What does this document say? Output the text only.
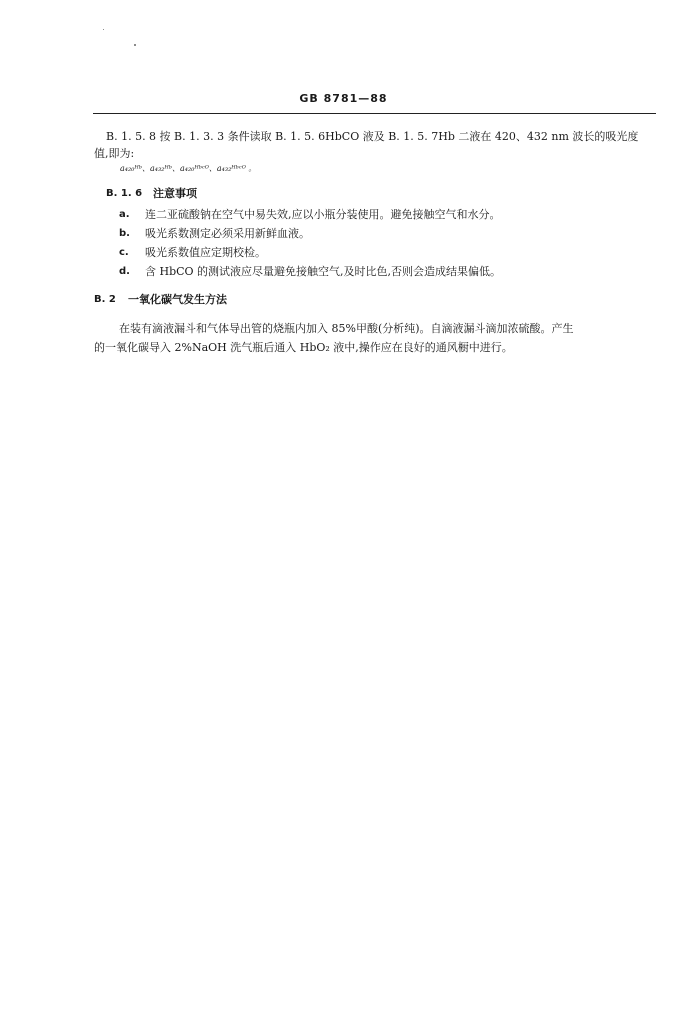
GB 8781—88
B. 1. 5. 8 按 B. 1. 3. 3 条件读取 B. 1. 5. 6HbCO 液及 B. 1. 5. 7Hb 二液在 420、432 nm 波长的吸光度
值,即为:
a₄₂₀ᴴᵇ、a₄₃₂ᴴᵇ、a₄₂₀ᴴᵇᶜᴼ、a₄₃₂ᴴᵇᶜᴼ 。
B. 1. 6 注意事项
a. 连二亚硫酸钠在空气中易失效,应以小瓶分装使用。避免接触空气和水分。
b. 吸光系数测定必须采用新鲜血液。
c. 吸光系数值应定期校检。
d. 含 HbCO 的测试液应尽量避免接触空气,及时比色,否则会造成结果偏低。
B. 2 一氧化碳气发生方法
在装有滴液漏斗和气体导出管的烧瓶内加入 85%甲酸(分析纯)。自滴液漏斗滴加浓硫酸。产生
的一氧化碳导入 2%NaOH 洗气瓶后通入 HbO₂ 液中,操作应在良好的通风橱中进行。
